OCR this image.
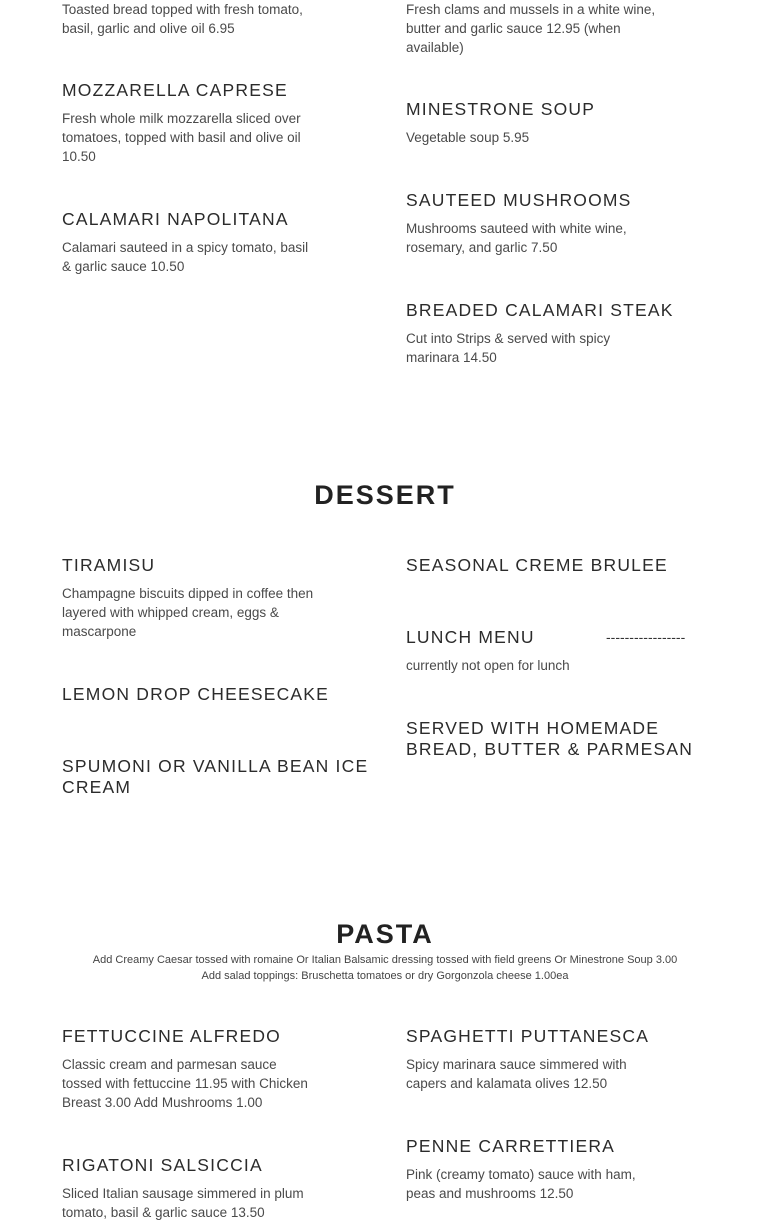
Toasted bread topped with fresh tomato, basil, garlic and olive oil 6.95

Fresh clams and mussels in a white wine, butter and garlic sauce 12.95 (when available)

MOZZARELLA CAPRESE

Fresh whole milk mozzarella sliced over tomatoes, topped with basil and olive oil 10.50

CALAMARI NAPOLITANA

Calamari sauteed in a spicy tomato, basil & garlic sauce 10.50

MINESTRONE SOUP

Vegetable soup 5.95

SAUTEED MUSHROOMS

Mushrooms sauteed with white wine, rosemary, and garlic 7.50

BREADED CALAMARI STEAK

Cut into Strips & served with spicy marinara 14.50

DESSERT

TIRAMISU

Champagne biscuits dipped in coffee then layered with whipped cream, eggs & mascarpone

LEMON DROP CHEESECAKE

SPUMONI OR VANILLA BEAN ICE CREAM

SEASONAL CREME BRULEE

LUNCH MENU

currently not open for lunch

-----------------

SERVED WITH HOMEMADE BREAD, BUTTER & PARMESAN

PASTA
Add Creamy Caesar tossed with romaine Or Italian Balsamic dressing tossed with field greens Or Minestrone Soup 3.00
Add salad toppings: Bruschetta tomatoes or dry Gorgonzola cheese 1.00ea

FETTUCCINE ALFREDO

Classic cream and parmesan sauce tossed with fettuccine 11.95 with Chicken Breast 3.00 Add Mushrooms 1.00

RIGATONI SALSICCIA

Sliced Italian sausage simmered in plum tomato, basil & garlic sauce 13.50

SPAGHETTI PUTTANESCA

Spicy marinara sauce simmered with capers and kalamata olives 12.50

PENNE CARRETTIERA

Pink (creamy tomato) sauce with ham, peas and mushrooms 12.50
